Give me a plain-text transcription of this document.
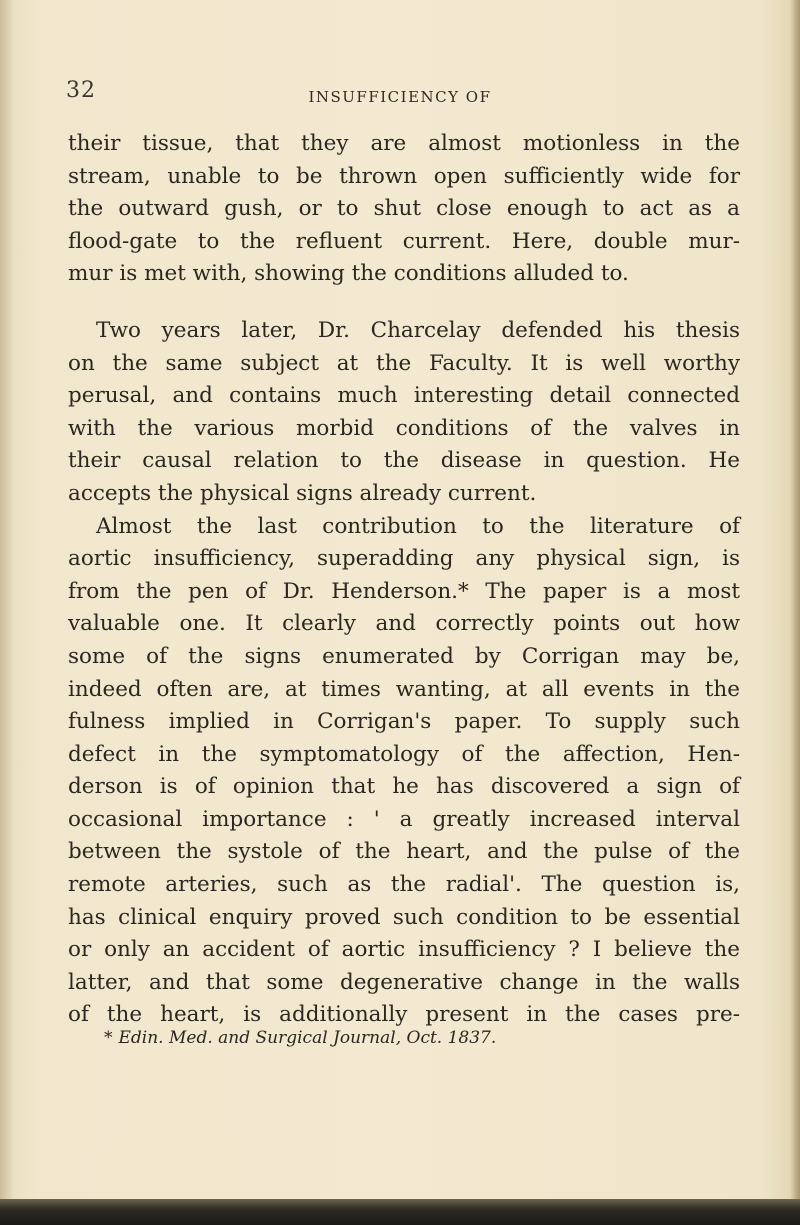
32	INSUFFICIENCY OF
their tissue, that they are almost motionless in the
stream, unable to be thrown open sufficiently wide for
the outward gush, or to shut close enough to act as a
flood-gate to the refluent current. Here, double mur-
mur is met with, showing the conditions alluded to.
Two years later, Dr. Charcelay defended his thesis
on the same subject at the Faculty. It is well worthy
perusal, and contains much interesting detail connected
with the various morbid conditions of the valves in
their causal relation to the disease in question. He
accepts the physical signs already current.
Almost the last contribution to the literature of
aortic insufficiency, superadding any physical sign, is
from the pen of Dr. Henderson.* The paper is a most
valuable one. It clearly and correctly points out how
some of the signs enumerated by Corrigan may be,
indeed often are, at times wanting, at all events in the
fulness implied in Corrigan's paper. To supply such
defect in the symptomatology of the affection, Hen-
derson is of opinion that he has discovered a sign of
occasional importance : ' a greatly increased interval
between the systole of the heart, and the pulse of the
remote arteries, such as the radial'. The question is,
has clinical enquiry proved such condition to be essential
or only an accident of aortic insufficiency ? I believe the
latter, and that some degenerative change in the walls
of the heart, is additionally present in the cases pre-
* Edin. Med. and Surgical Journal, Oct. 1837.
